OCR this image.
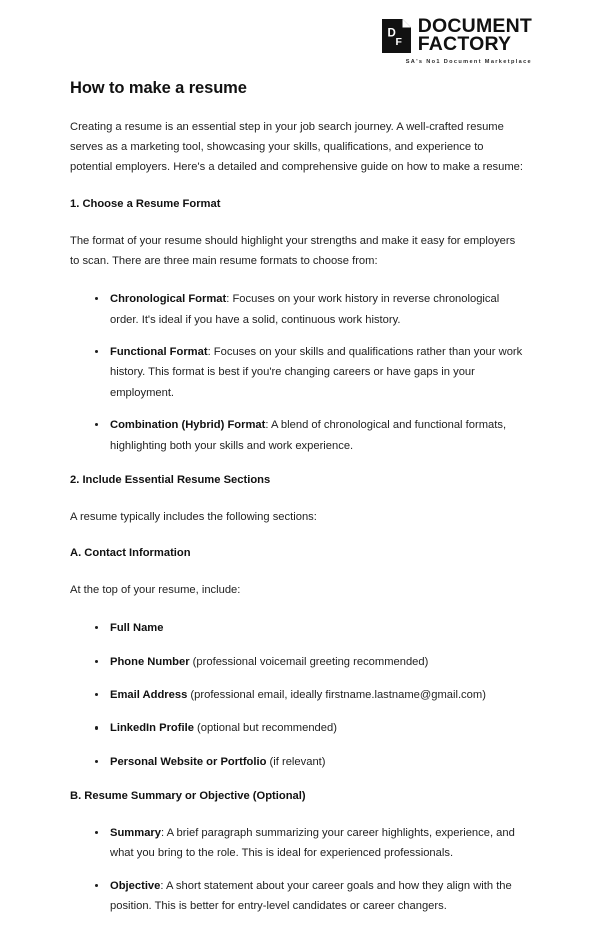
D
F
DOCUMENT
FACTORY
SA's No1 Document Marketplace
How to make a resume

Creating a resume is an essential step in your job search journey. A well-crafted resume serves as a marketing tool, showcasing your skills, qualifications, and experience to potential employers. Here's a detailed and comprehensive guide on how to make a resume:

1. Choose a Resume Format

The format of your resume should highlight your strengths and make it easy for employers to scan. There are three main resume formats to choose from:

Chronological Format: Focuses on your work history in reverse chronological order. It's ideal if you have a solid, continuous work history.
Functional Format: Focuses on your skills and qualifications rather than your work history. This format is best if you're changing careers or have gaps in your employment.
Combination (Hybrid) Format: A blend of chronological and functional formats, highlighting both your skills and work experience.
2. Include Essential Resume Sections

A resume typically includes the following sections:

A. Contact Information

At the top of your resume, include:

Full Name
Phone Number (professional voicemail greeting recommended)
Email Address (professional email, ideally firstname.lastname@gmail.com)
LinkedIn Profile (optional but recommended)
Personal Website or Portfolio (if relevant)
B. Resume Summary or Objective (Optional)
Summary: A brief paragraph summarizing your career highlights, experience, and what you bring to the role. This is ideal for experienced professionals.
Objective: A short statement about your career goals and how they align with the position. This is better for entry-level candidates or career changers.
